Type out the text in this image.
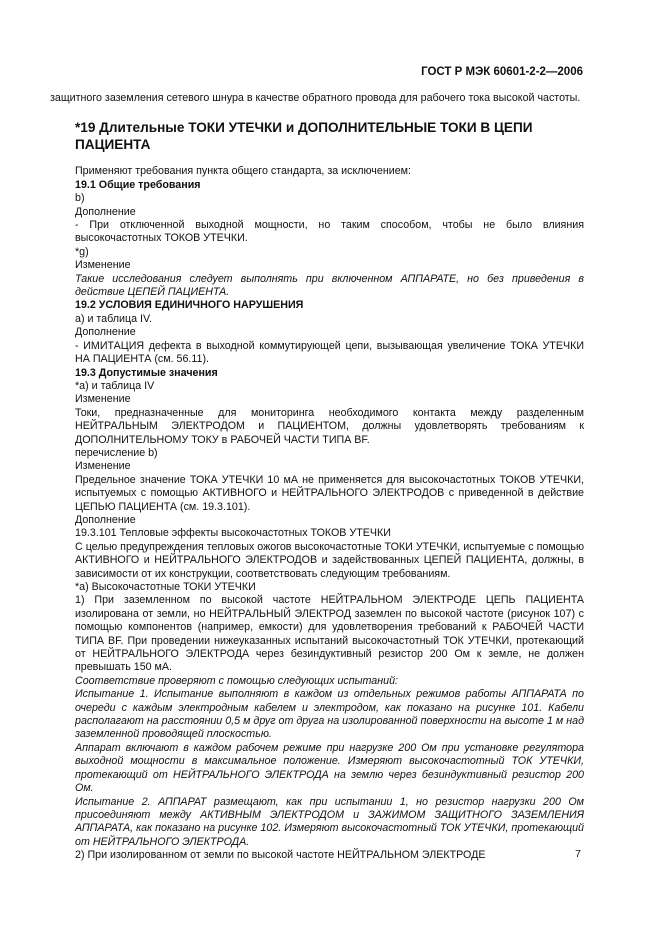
ГОСТ Р МЭК 60601-2-2—2006

защитного заземления сетевого шнура в качестве обратного провода для рабочего тока высокой частоты.

*19 Длительные ТОКИ УТЕЧКИ и ДОПОЛНИТЕЛЬНЫЕ ТОКИ В ЦЕПИ ПАЦИЕНТА

Применяют требования пункта общего стандарта, за исключением:

19.1 Общие требования

b)

Дополнение

- При отключенной выходной мощности, но таким способом, чтобы не было влияния высокочастотных ТОКОВ УТЕЧКИ.

*g)

Изменение

Такие исследования следует выполнять при включенном АППАРАТЕ, но без приведения в действие ЦЕПЕЙ ПАЦИЕНТА.

19.2 УСЛОВИЯ ЕДИНИЧНОГО НАРУШЕНИЯ

а) и таблица IV.

Дополнение

- ИМИТАЦИЯ дефекта в выходной коммутирующей цепи, вызывающая увеличение ТОКА УТЕЧКИ НА ПАЦИЕНТА (см. 56.11).

19.3 Допустимые значения

*а) и таблица IV

Изменение

Токи, предназначенные для мониторинга необходимого контакта между разделенным НЕЙТРАЛЬНЫМ ЭЛЕКТРОДОМ и ПАЦИЕНТОМ, должны удовлетворять требованиям к ДОПОЛНИТЕЛЬНОМУ ТОКУ в РАБОЧЕЙ ЧАСТИ ТИПА BF.

перечисление b)

Изменение

Предельное значение ТОКА УТЕЧКИ 10 мА не применяется для высокочастотных ТОКОВ УТЕЧКИ, испытуемых с помощью АКТИВНОГО и НЕЙТРАЛЬНОГО ЭЛЕКТРОДОВ с приведенной в действие ЦЕПЬЮ ПАЦИЕНТА (см. 19.3.101).

Дополнение

19.3.101 Тепловые эффекты высокочастотных ТОКОВ УТЕЧКИ

С целью предупреждения тепловых ожогов высокочастотные ТОКИ УТЕЧКИ, испытуемые с помощью АКТИВНОГО и НЕЙТРАЛЬНОГО ЭЛЕКТРОДОВ и задействованных ЦЕПЕЙ ПАЦИЕНТА, должны, в зависимости от их конструкции, соответствовать следующим требованиям.

*а) Высокочастотные ТОКИ УТЕЧКИ

1) При заземленном по высокой частоте НЕЙТРАЛЬНОМ ЭЛЕКТРОДЕ ЦЕПЬ ПАЦИЕНТА изолирована от земли, но НЕЙТРАЛЬНЫЙ ЭЛЕКТРОД заземлен по высокой частоте (рисунок 107) с помощью компонентов (например, емкости) для удовлетворения требований к РАБОЧЕЙ ЧАСТИ ТИПА BF. При проведении нижеуказанных испытаний высокочастотный ТОК УТЕЧКИ, протекающий от НЕЙТРАЛЬНОГО ЭЛЕКТРОДА через безиндуктивный резистор 200 Ом к земле, не должен превышать 150 мА.

Соответствие проверяют с помощью следующих испытаний:

Испытание 1. Испытание выполняют в каждом из отдельных режимов работы АППАРАТА по очереди с каждым электродным кабелем и электродом, как показано на рисунке 101. Кабели располагают на расстоянии 0,5 м друг от друга на изолированной поверхности на высоте 1 м над заземленной проводящей плоскостью.

Аппарат включают в каждом рабочем режиме при нагрузке 200 Ом при установке регулятора выходной мощности в максимальное положение. Измеряют высокочастотный ТОК УТЕЧКИ, протекающий от НЕЙТРАЛЬНОГО ЭЛЕКТРОДА на землю через безиндуктивный резистор 200 Ом.

Испытание 2. АППАРАТ размещают, как при испытании 1, но резистор нагрузки 200 Ом присоединяют между АКТИВНЫМ ЭЛЕКТРОДОМ и ЗАЖИМОМ ЗАЩИТНОГО ЗАЗЕМЛЕНИЯ АППАРАТА, как показано на рисунке 102. Измеряют высокочастотный ТОК УТЕЧКИ, протекающий от НЕЙТРАЛЬНОГО ЭЛЕКТРОДА.

2) При изолированном от земли по высокой частоте НЕЙТРАЛЬНОМ ЭЛЕКТРОДЕ	7
